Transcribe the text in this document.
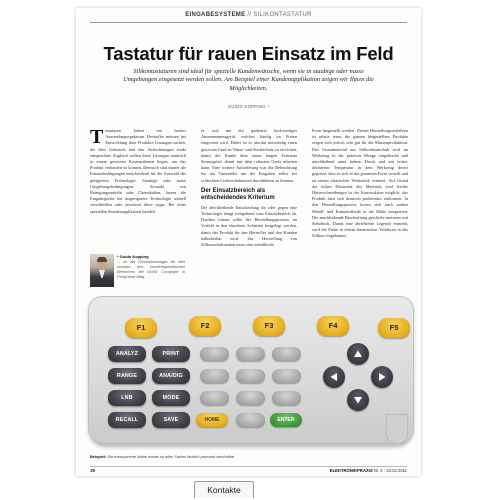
EINGABESYSTEME // SILIKONTASTATUR
Tastatur für rauen Einsatz im Feld
Silikontastaturen sind ideal für spezielle Kundenwünsche, wenn sie in staubige oder nasse Umgebungen eingesetzt werden sollen. Am Beispiel einer Kundenapplikation zeigen wir Ihnen die Möglichkeiten.
GUIDO KOPPING *

Tastaturen haben ein breites Anwendungsspektrum. Hersteller müssen bei Entwicklung ihrer Produkte Lösungen suchen, die dem Gebrauch und den Anforderungen exakt entsprechen. Zugleich sollten diese Lösungen natürlich in einem gewissen Kostenrahmen liegen, um das Produkt verkaufen zu können. Dennoch sind immer die Einsatzbedingungen entscheidend für die Auswahl der geeigneten Technologie. Staubige oder nasse Umgebungsbedingungen, Kontakt mit Reinigungsmitteln oder Chemikalien, lassen die Eingabegeräte bei ungeeigneter Technologie schnell verschleißen oder zerstören diese sogar. Bei einer speziellen Kundenapplikation handelt

* Guido Kopping
... ist als Produktmanager für den Ausbau des kundenspezifischen Bereiches bei GcKE Computer & Peripherie tätig.

es sich um ein qualitativ hochwertiges Antennenmessgerät, welches häufig im Freien eingesetzt wird. Daher ist es absolut notwendig einen gewissen Grad an Nässe- und Staubschutz zu erreichen, damit der Kunde über einen langen Zeitraum Störungsfrei damit mit dem robusten Gerät arbeiten kann. Eine weitere Anforderung war die Beleuchtung für das Tastenfeld, um die Eingaben selbst bei schlechten Lichtverhältnissen durchführen zu können.

Der Einsatzbereich als entscheidendes Kriterium

Die abschließende Entscheidung für oder gegen eine Technologie hängt weitgehend vom Einsatzbereich ab. Darüber hinaus sollte der Herstellungsprozess im Vorfeld in den einzelnen Schritten festgelegt werden, damit das Produkt für den Hersteller und den Kunden kalkulierbar wird. Zur Herstellung von Silikonschaltmatten muss eine metallische

Form hergestellt werden. Diesen Herstellungsverfahren ist relativ teuer, die ganzen hergestellten Produkte zeigen sich jedoch sehr gut für die Massenproduktion. Das Grundmaterial aus Silikonkautschuk wird im Werkzeug in der präzisen Menge eingebracht und anschließend unter hohem Druck und mit hoher, definierter Temperatur in dem Werkzeug derart gepresst, dass es sich in der gesamten Form verteilt und zu einem elastischen Werkstück vernetzt. Auf Grund der hohen Elastizität des Materials sind leichte Hinterschneidungen in der Konstruktion möglich, das Produkt lässt sich dennoch problemlos entformen. In den Herstellungsprozess lassen sich auch andere Metall- und Kunststoffteile in die Matte integrieren. Die anschließende Beschriftung geschieht meistens mit Siebdruck. Damit eine abriebfeste Legende entsteht, wird die Farbe in einem thermischen Verfahren in das Silikon eingebrannt.

F1	F2	F3	F4	F5
ANALYZ	PRINT
RANGE	ANA/DIG
LNB	MODE
RECALL	SAVE	HOME	ENTER
Beispiel: Die transparente Matte wurde an allen Tasten farblich passend beschriftet
38	ELEKTRONIKPRAXIS Nr. 4 · 23.02.2011
Kontakte
